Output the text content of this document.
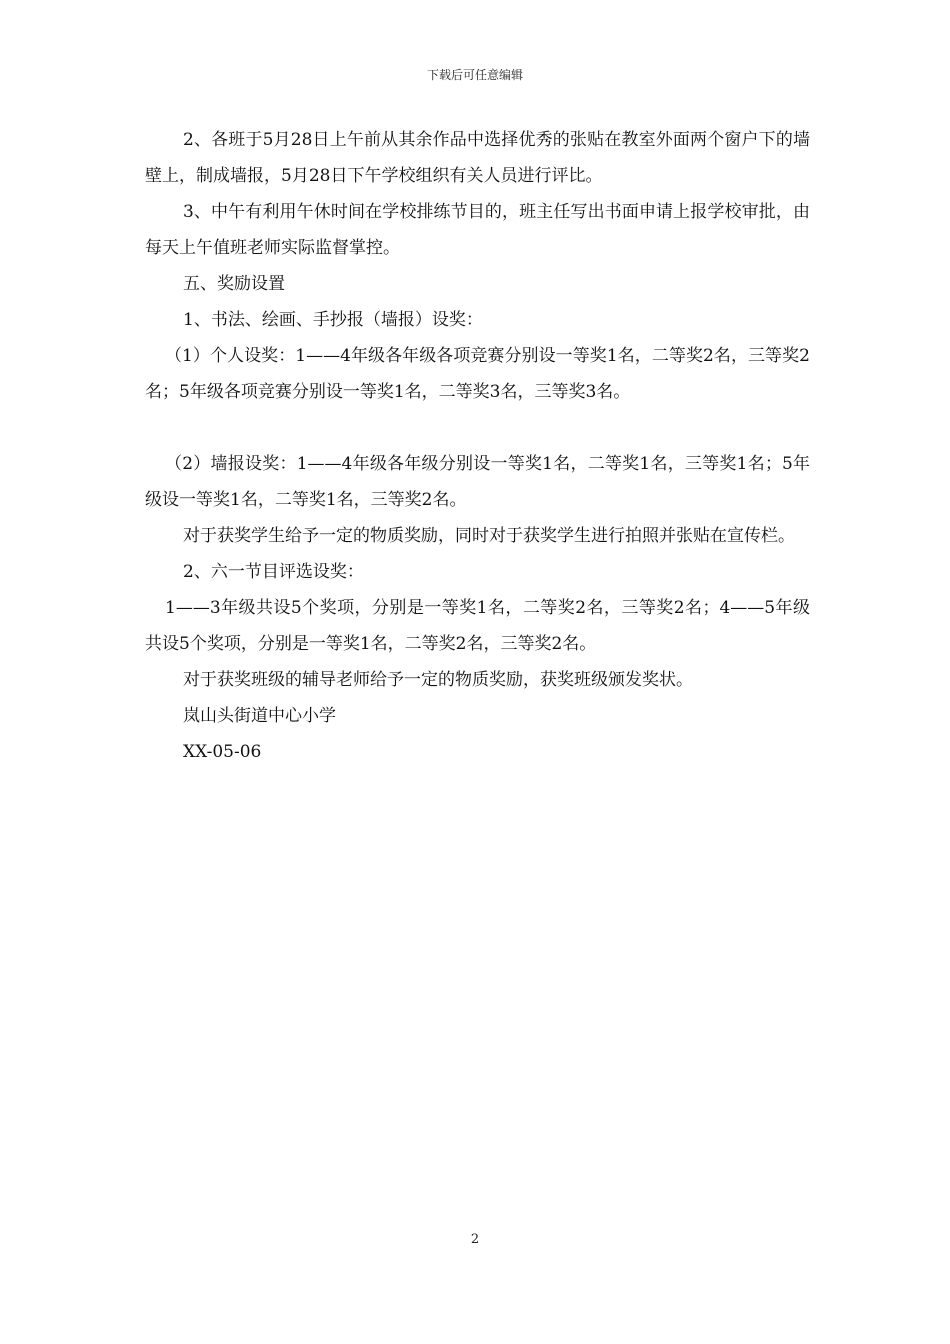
下载后可任意编辑

2、各班于5月28日上午前从其余作品中选择优秀的张贴在教室外面两个窗户下的墙壁上，制成墙报，5月28日下午学校组织有关人员进行评比。

3、中午有利用午休时间在学校排练节目的，班主任写出书面申请上报学校审批，由每天上午值班老师实际监督掌控。

五、奖励设置

1、书法、绘画、手抄报（墙报）设奖：

（1）个人设奖：1——4年级各年级各项竞赛分别设一等奖1名，二等奖2名，三等奖2名；5年级各项竞赛分别设一等奖1名，二等奖3名，三等奖3名。

（2）墙报设奖：1——4年级各年级分别设一等奖1名，二等奖1名，三等奖1名；5年级设一等奖1名，二等奖1名，三等奖2名。

对于获奖学生给予一定的物质奖励，同时对于获奖学生进行拍照并张贴在宣传栏。

2、六一节目评选设奖：

1——3年级共设5个奖项，分别是一等奖1名，二等奖2名，三等奖2名；4——5年级共设5个奖项，分别是一等奖1名，二等奖2名，三等奖2名。

对于获奖班级的辅导老师给予一定的物质奖励，获奖班级颁发奖状。

岚山头街道中心小学

XX-05-06

2
